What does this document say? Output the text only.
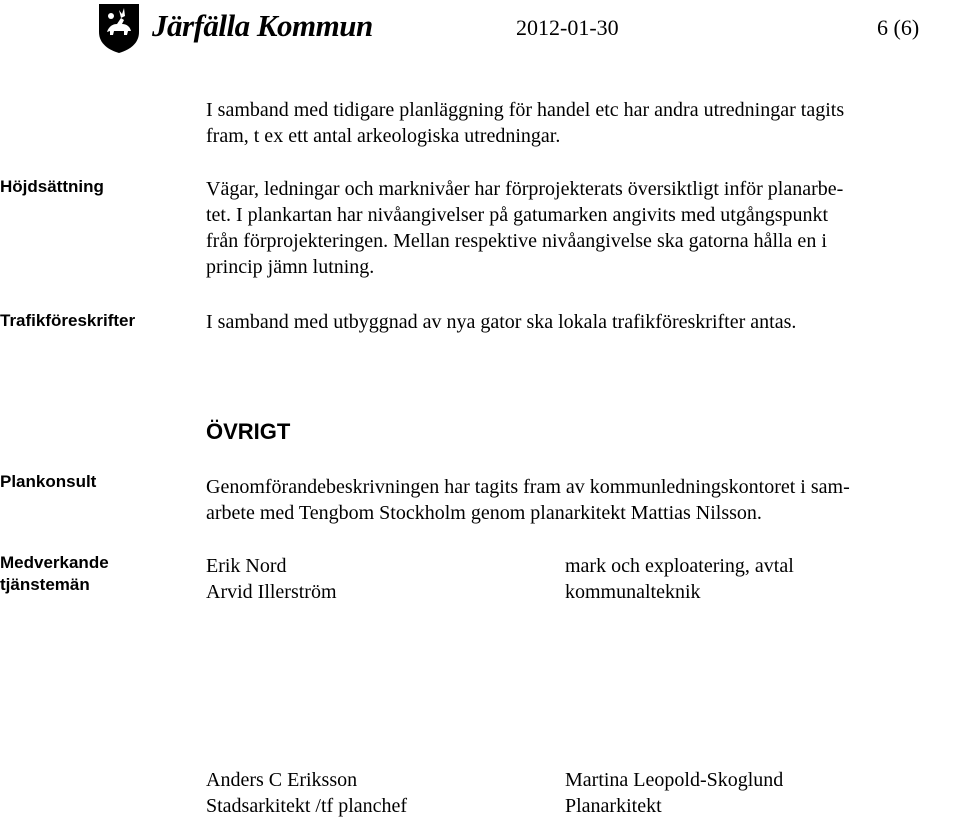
Järfälla Kommun	2012-01-30	6 (6)
I samband med tidigare planläggning för handel etc har andra utredningar tagits
fram, t ex ett antal arkeologiska utredningar.
Höjdsättning	Vägar, ledningar och marknivåer har förprojekterats översiktligt inför planarbe-
tet. I plankartan har nivåangivelser på gatumarken angivits med utgångspunkt
från förprojekteringen. Mellan respektive nivåangivelse ska gatorna hålla en i
princip jämn lutning.
Trafikföreskrifter	I samband med utbyggnad av nya gator ska lokala trafikföreskrifter antas.
ÖVRIGT
Plankonsult	Genomförandebeskrivningen har tagits fram av kommunledningskontoret i sam-
arbete med Tengbom Stockholm genom planarkitekt Mattias Nilsson.
Medverkande
tjänstemän
Erik Nord	mark och exploatering, avtal
Arvid Illerström	kommunalteknik
Anders C Eriksson
Stadsarkitekt /tf planchef
Martina Leopold-Skoglund
Planarkitekt
